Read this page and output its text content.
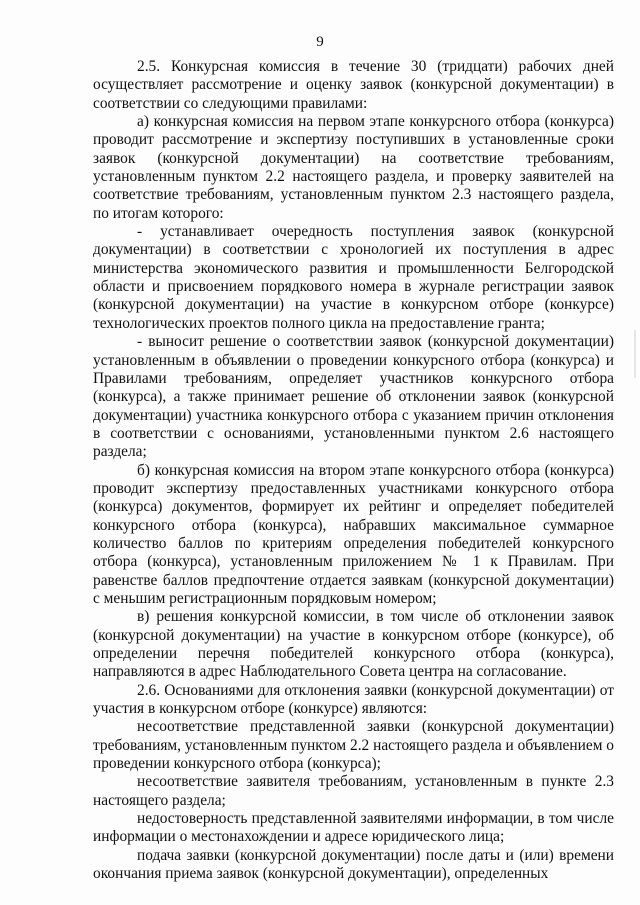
9

2.5. Конкурсная комиссия в течение 30 (тридцати) рабочих дней осуществляет рассмотрение и оценку заявок (конкурсной документации) в соответствии со следующими правилами:

а) конкурсная комиссия на первом этапе конкурсного отбора (конкурса) проводит рассмотрение и экспертизу поступивших в установленные сроки заявок (конкурсной документации) на соответствие требованиям, установленным пунктом 2.2 настоящего раздела, и проверку заявителей на соответствие требованиям, установленным пунктом 2.3 настоящего раздела, по итогам которого:

- устанавливает очередность поступления заявок (конкурсной документации) в соответствии с хронологией их поступления в адрес министерства экономического развития и промышленности Белгородской области и присвоением порядкового номера в журнале регистрации заявок (конкурсной документации) на участие в конкурсном отборе (конкурсе) технологических проектов полного цикла на предоставление гранта;

- выносит решение о соответствии заявок (конкурсной документации) установленным в объявлении о проведении конкурсного отбора (конкурса) и Правилами требованиям, определяет участников конкурсного отбора (конкурса), а также принимает решение об отклонении заявок (конкурсной документации) участника конкурсного отбора с указанием причин отклонения в соответствии с основаниями, установленными пунктом 2.6 настоящего раздела;

б) конкурсная комиссия на втором этапе конкурсного отбора (конкурса) проводит экспертизу предоставленных участниками конкурсного отбора (конкурса) документов, формирует их рейтинг и определяет победителей конкурсного отбора (конкурса), набравших максимальное суммарное количество баллов по критериям определения победителей конкурсного отбора (конкурса), установленным приложением № 1 к Правилам. При равенстве баллов предпочтение отдается заявкам (конкурсной документации) с меньшим регистрационным порядковым номером;

в) решения конкурсной комиссии, в том числе об отклонении заявок (конкурсной документации) на участие в конкурсном отборе (конкурсе), об определении перечня победителей конкурсного отбора (конкурса), направляются в адрес Наблюдательного Совета центра на согласование.

2.6. Основаниями для отклонения заявки (конкурсной документации) от участия в конкурсном отборе (конкурсе) являются:

несоответствие представленной заявки (конкурсной документации) требованиям, установленным пунктом 2.2 настоящего раздела и объявлением о проведении конкурсного отбора (конкурса);

несоответствие заявителя требованиям, установленным в пункте 2.3 настоящего раздела;

недостоверность представленной заявителями информации, в том числе информации о местонахождении и адресе юридического лица;

подача заявки (конкурсной документации) после даты и (или) времени окончания приема заявок (конкурсной документации), определенных
